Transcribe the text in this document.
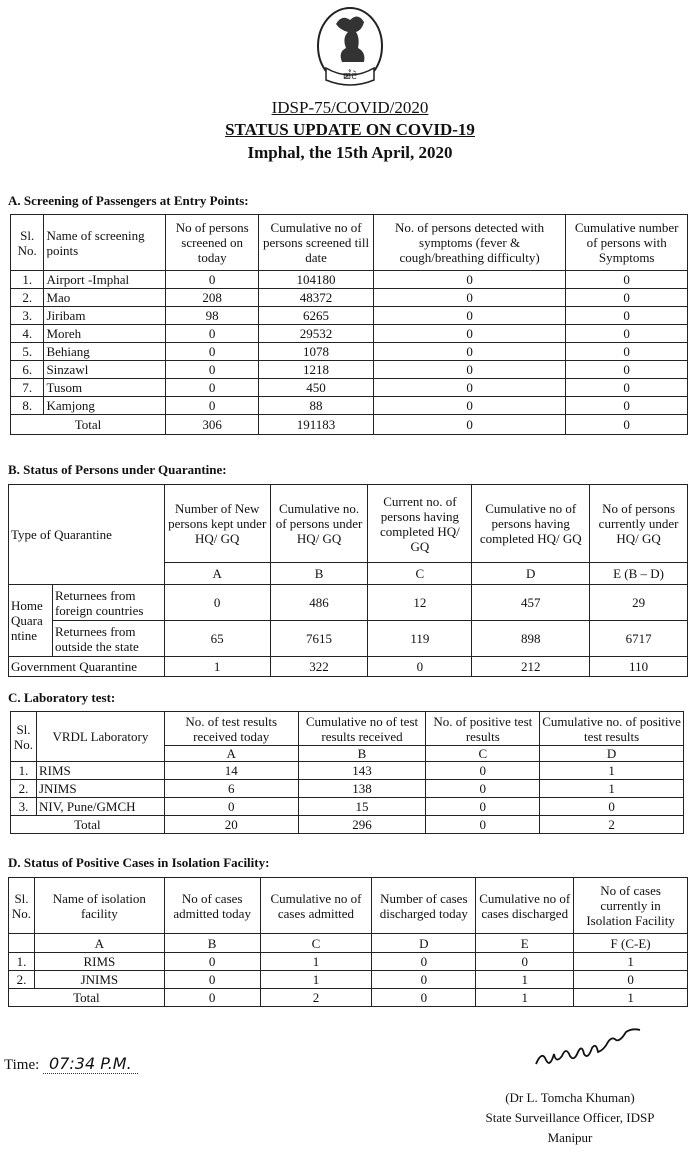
ꯀꯪꯂꯥ
IDSP-75/COVID/2020
STATUS UPDATE ON COVID-19
Imphal, the 15th April, 2020
A. Screening of Passengers at Entry Points:
Sl. No.	Name of screening points	No of persons screened on today	Cumulative no of persons screened till date	No. of persons detected with symptoms (fever & cough/breathing difficulty)	Cumulative number of persons with Symptoms
1.	Airport -Imphal	0	104180	0	0
2.	Mao	208	48372	0	0
3.	Jiribam	98	6265	0	0
4.	Moreh	0	29532	0	0
5.	Behiang	0	1078	0	0
6.	Sinzawl	0	1218	0	0
7.	Tusom	0	450	0	0
8.	Kamjong	0	88	0	0
Total		306	191183	0	0
B. Status of Persons under Quarantine:
Type of Quarantine		Number of New persons kept under HQ/ GQ	Cumulative no. of persons under HQ/ GQ	Current no. of persons having completed HQ/ GQ	Cumulative no of persons having completed HQ/ GQ	No of persons currently under HQ/ GQ
		A	B	C	D	E (B – D)
Home Quara ntine	Returnees from foreign countries	0	486	12	457	29
	Returnees from outside the state	65	7615	119	898	6717
Government Quarantine		1	322	0	212	110
C. Laboratory test:
Sl. No.	VRDL Laboratory	No. of test results received today	Cumulative no of test results received	No. of positive test results	Cumulative no. of positive test results
		A	B	C	D
1.	RIMS	14	143	0	1
2.	JNIMS	6	138	0	1
3.	NIV, Pune/GMCH	0	15	0	0
Total		20	296	0	2
D. Status of Positive Cases in Isolation Facility:
Sl. No.	Name of isolation facility	No of cases admitted today	Cumulative no of cases admitted	Number of cases discharged today	Cumulative no of cases discharged	No of cases currently in Isolation Facility
	A	B	C	D	E	F (C-E)
1.	RIMS	0	1	0	0	1
2.	JNIMS	0	1	0	1	0
Total		0	2	0	1	1
Time: 07:34 P.M.
(Dr L. Tomcha Khuman)
State Surveillance Officer, IDSP
Manipur
